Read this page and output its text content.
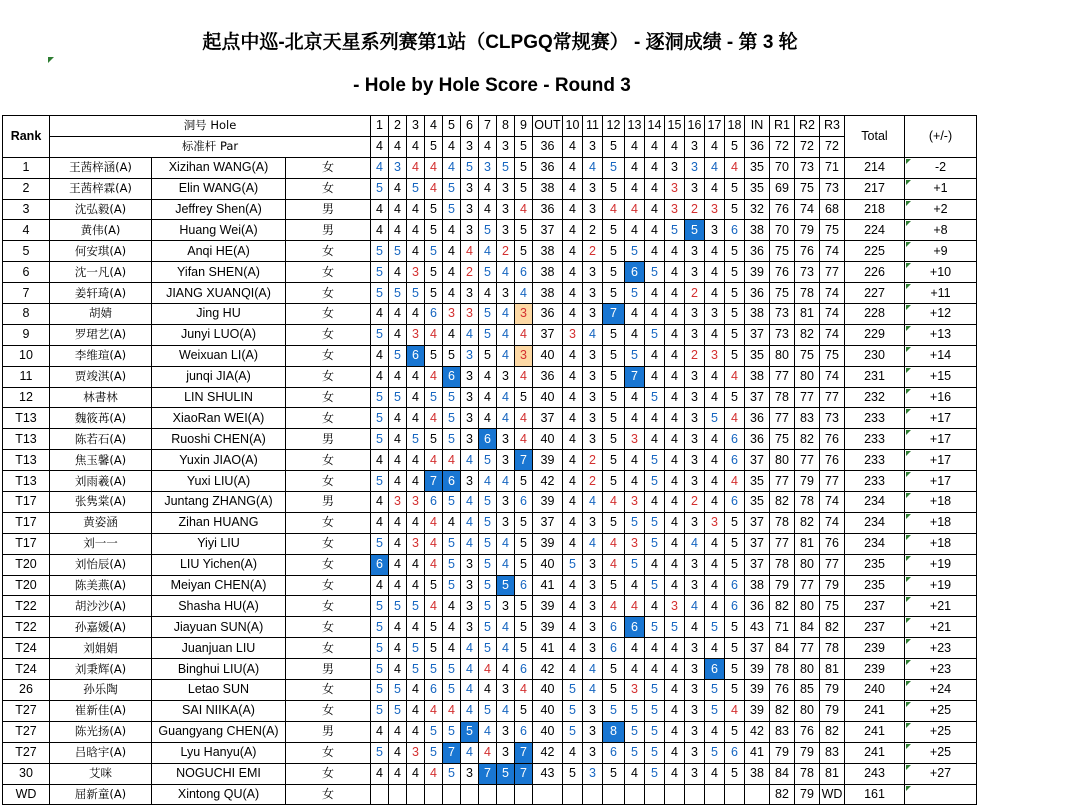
起点中巡-北京天星系列赛第1站（CLPGQ常规赛） - 逐洞成绩 - 第 3 轮
- Hole by Hole Score - Round 3
Rank	洞号 Hole			1	2	3	4	5	6	7	8	9	OUT	10	11	12	13	14	15	16	17	18	IN	R1	R2	R3	Total	(+/-)
	标准杆 Par			4	4	4	5	4	3	4	3	5	36	4	3	5	4	4	4	3	4	5	36	72	72	72		
1	王茜梓涵(A)	Xizihan WANG(A)	女	4	3	4	4	4	5	3	5	5	36	4	4	5	4	4	3	3	4	4	35	70	73	71	214	-2
2	王茜梓霖(A)	Elin WANG(A)	女	5	4	5	4	5	3	4	3	5	38	4	3	5	4	4	3	3	4	5	35	69	75	73	217	+1
3	沈弘毅(A)	Jeffrey Shen(A)	男	4	4	4	5	5	3	4	3	4	36	4	3	4	4	4	3	2	3	5	32	76	74	68	218	+2
4	黄伟(A)	Huang Wei(A)	男	4	4	4	5	4	3	5	3	5	37	4	2	5	4	4	5	5	3	6	38	70	79	75	224	+8
5	何安琪(A)	Anqi HE(A)	女	5	5	4	5	4	4	4	2	5	38	4	2	5	5	4	4	3	4	5	36	75	76	74	225	+9
6	沈一凡(A)	Yifan SHEN(A)	女	5	4	3	5	4	2	5	4	6	38	4	3	5	6	5	4	3	4	5	39	76	73	77	226	+10
7	姜轩琦(A)	JIANG XUANQI(A)	女	5	5	5	5	4	3	4	3	4	38	4	3	5	5	4	4	2	4	5	36	75	78	74	227	+11
8	胡婧	Jing HU	女	4	4	4	6	3	3	5	4	3	36	4	3	7	4	4	4	3	3	5	38	73	81	74	228	+12
9	罗珺艺(A)	Junyi LUO(A)	女	5	4	3	4	4	4	5	4	4	37	3	4	5	4	5	4	3	4	5	37	73	82	74	229	+13
10	李维瑄(A)	Weixuan LI(A)	女	4	5	6	5	5	3	5	4	3	40	4	3	5	5	4	4	2	3	5	35	80	75	75	230	+14
11	贾竣淇(A)	junqi JIA(A)	女	4	4	4	4	6	3	4	3	4	36	4	3	5	7	4	4	3	4	4	38	77	80	74	231	+15
12	林書林	LIN SHULIN	女	5	5	4	5	5	3	4	4	5	40	4	3	5	4	5	4	3	4	5	37	78	77	77	232	+16
T13	魏筱苒(A)	XiaoRan WEI(A)	女	5	4	4	4	5	3	4	4	4	37	4	3	5	4	4	4	3	5	4	36	77	83	73	233	+17
T13	陈若石(A)	Ruoshi CHEN(A)	男	5	4	5	5	5	3	6	3	4	40	4	3	5	3	4	4	3	4	6	36	75	82	76	233	+17
T13	焦玉馨(A)	Yuxin JIAO(A)	女	4	4	4	4	4	4	5	3	7	39	4	2	5	4	5	4	3	4	6	37	80	77	76	233	+17
T13	刘雨羲(A)	Yuxi LIU(A)	女	5	4	4	7	6	3	4	4	5	42	4	2	5	4	5	4	3	4	4	35	77	79	77	233	+17
T17	张隽棠(A)	Juntang ZHANG(A)	男	4	3	3	6	5	4	5	3	6	39	4	4	4	3	4	4	2	4	6	35	82	78	74	234	+18
T17	黄姿涵	Zihan HUANG	女	4	4	4	4	4	4	5	3	5	37	4	3	5	5	5	4	3	3	5	37	78	82	74	234	+18
T17	刘一一	Yiyi LIU	女	5	4	3	4	5	4	5	4	5	39	4	4	4	3	5	4	4	4	5	37	77	81	76	234	+18
T20	刘怡辰(A)	LIU Yichen(A)	女	6	4	4	4	5	3	5	4	5	40	5	3	4	5	4	4	3	4	5	37	78	80	77	235	+19
T20	陈美燕(A)	Meiyan CHEN(A)	女	4	4	4	5	5	3	5	5	6	41	4	3	5	4	5	4	3	4	6	38	79	77	79	235	+19
T22	胡沙沙(A)	Shasha HU(A)	女	5	5	5	4	4	3	5	3	5	39	4	3	4	4	4	3	4	4	6	36	82	80	75	237	+21
T22	孙嘉媛(A)	Jiayuan SUN(A)	女	5	4	4	5	4	3	5	4	5	39	4	3	6	6	5	5	4	5	5	43	71	84	82	237	+21
T24	刘娟娟	Juanjuan LIU	女	5	4	5	5	4	4	5	4	5	41	4	3	6	4	4	4	3	4	5	37	84	77	78	239	+23
T24	刘秉辉(A)	Binghui LIU(A)	男	5	4	5	5	5	4	4	4	6	42	4	4	5	4	4	4	3	6	5	39	78	80	81	239	+23
26	孙乐陶	Letao SUN	女	5	5	4	6	5	4	4	3	4	40	5	4	5	3	5	4	3	5	5	39	76	85	79	240	+24
T27	崔新佳(A)	SAI NIIKA(A)	女	5	5	4	4	4	4	5	4	5	40	5	3	5	5	5	4	3	5	4	39	82	80	79	241	+25
T27	陈光扬(A)	Guangyang CHEN(A)	男	4	4	4	5	5	5	4	3	6	40	5	3	8	5	5	4	3	4	5	42	83	76	82	241	+25
T27	吕晗宇(A)	Lyu Hanyu(A)	女	5	4	3	5	7	4	4	3	7	42	4	3	6	5	5	4	3	5	6	41	79	79	83	241	+25
30	艾咪	NOGUCHI EMI	女	4	4	4	4	5	3	7	5	7	43	5	3	5	4	5	4	3	4	5	38	84	78	81	243	+27
WD	屈新童(A)	Xintong QU(A)	女																					82	79	WD	161	
